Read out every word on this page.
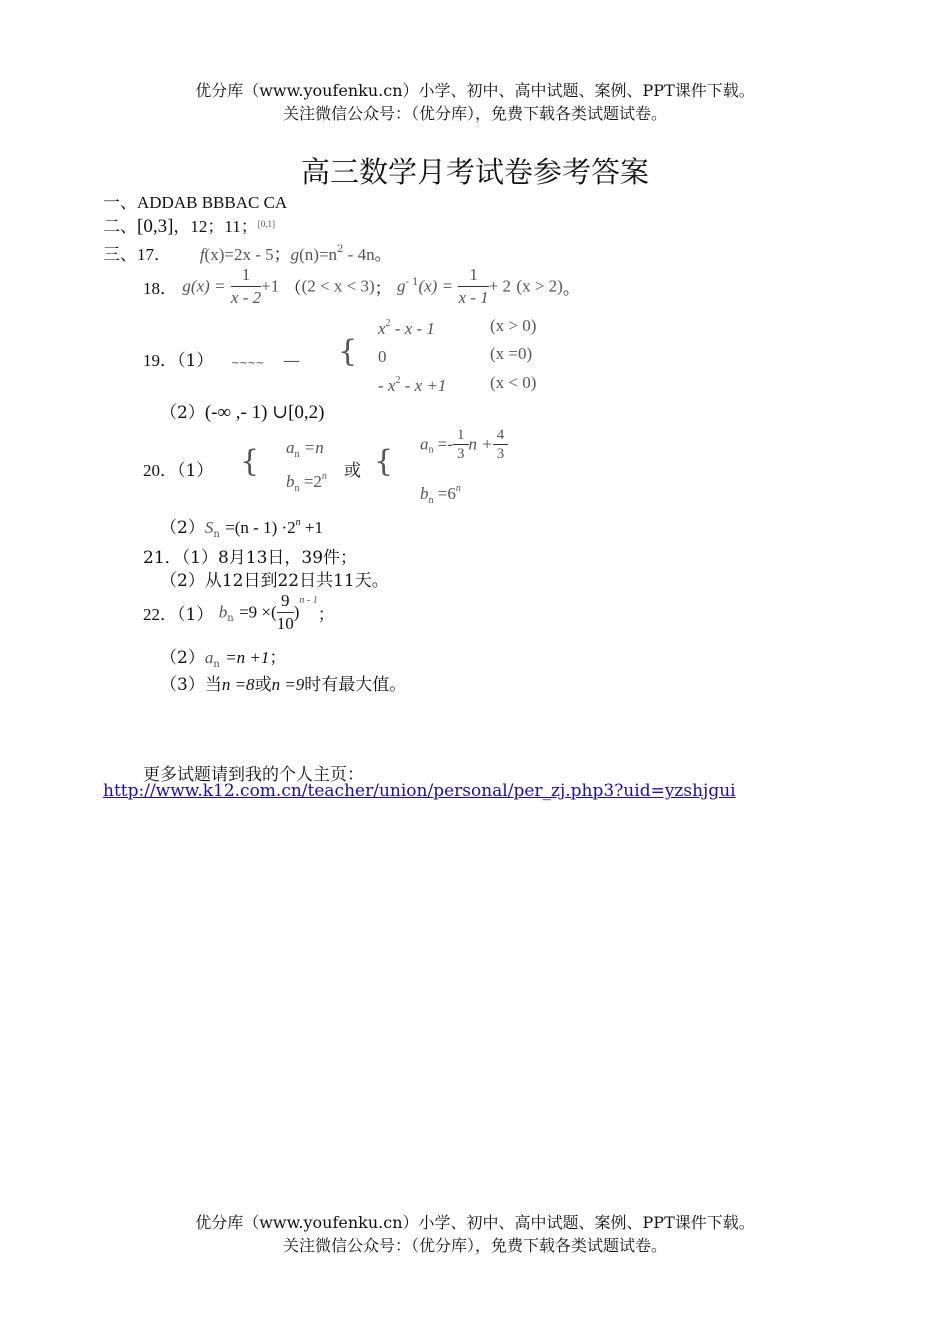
优分库（www.youfenku.cn）小学、初中、高中试题、案例、PPT课件下载。
关注微信公众号：（优分库），免费下载各类试题试卷。
高三数学月考试卷参考答案
一、ADDAB BBBAC CA
二、[0,3]，12；11；[0,1]
三、17． f(x)=2x - 5；$g(n)=n^2 - 4n$。
18． $g(x) = \frac{1}{x - 2} +1$ （(2 < x < 3)； $g^{- 1}(x) = \frac{1}{x - 1} + 2$ (x > 2)。
19．（1） ~~~~ — {
$x^2$ - x - 1	(x > 0)
0	(x =0)
- $x^2 - x +1$	(x < 0)
（2）(-∞ ,- 1) ∪[0,2)
20．（1） { $a_n =n$
$b_n =2^n$ 或 { $a_n =- \frac{1}{3}$ $n + \frac{4}{3}$
$b_n =6^n$
$(2)S_n =(n - 1) \cdot 2^n +1$
21．（1）8月13日，39件；
（2）从12日到22日共11天。
22．（1） $b_n =9$ ×( $\frac{9}{10} )^{n - 1}$；
$(2)a_n =n +1$；
（3）当n =8或n =9时有最大值。
更多试题请到我的个人主页：
http://www.k12.com.cn/teacher/union/personal/per_zj.php3?uid=yzshjgui
优分库（www.youfenku.cn）小学、初中、高中试题、案例、PPT课件下载。
关注微信公众号：（优分库），免费下载各类试题试卷。
